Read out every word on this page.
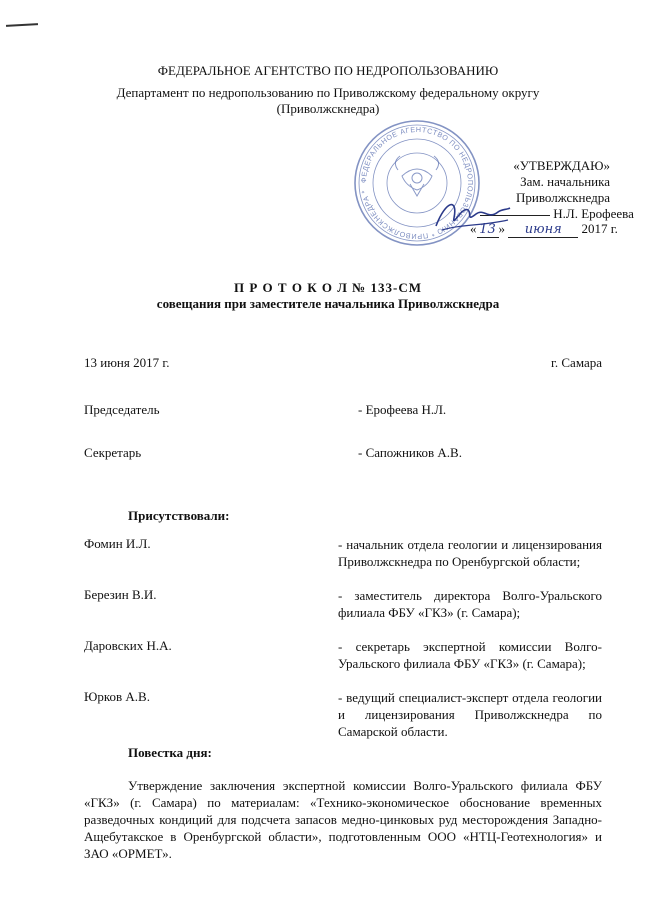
ФЕДЕРАЛЬНОЕ АГЕНТСТВО ПО НЕДРОПОЛЬЗОВАНИЮ
Департамент по недропользованию по Приволжскому федеральному округу
(Приволжскнедра)
ФЕДЕРАЛЬНОЕ АГЕНТСТВО ПО НЕДРОПОЛЬЗОВАНИЮ * ПРИВОЛЖСКНЕДРА *
«УТВЕРЖДАЮ»
Зам. начальника
Приволжскнедра
Н.Л. Ерофеева
« 13 » июня 2017 г.
П Р О Т О К О Л № 133-СМ
совещания при заместителе начальника Приволжскнедра
13 июня 2017 г.	г. Самара
Председатель	- Ерофеева Н.Л.
Секретарь	- Сапожников А.В.
Присутствовали:
Фомин И.Л.	- начальник отдела геологии и лицензирования Приволжскнедра по Оренбургской области;
Березин В.И.	- заместитель директора Волго-Уральского филиала ФБУ «ГКЗ» (г. Самара);
Даровских Н.А.	- секретарь экспертной комиссии Волго-Уральского филиала ФБУ «ГКЗ» (г. Самара);
Юрков А.В.	- ведущий специалист-эксперт отдела геологии и лицензирования Приволжскнедра по Самарской области.
Повестка дня:
Утверждение заключения экспертной комиссии Волго-Уральского филиала ФБУ «ГКЗ» (г. Самара) по материалам: «Технико-экономическое обоснование временных разведочных кондиций для подсчета запасов медно-цинковых руд месторождения Западно-Ащебутакское в Оренбургской области», подготовленным ООО «НТЦ-Геотехнология» и ЗАО «ОРМЕТ».
